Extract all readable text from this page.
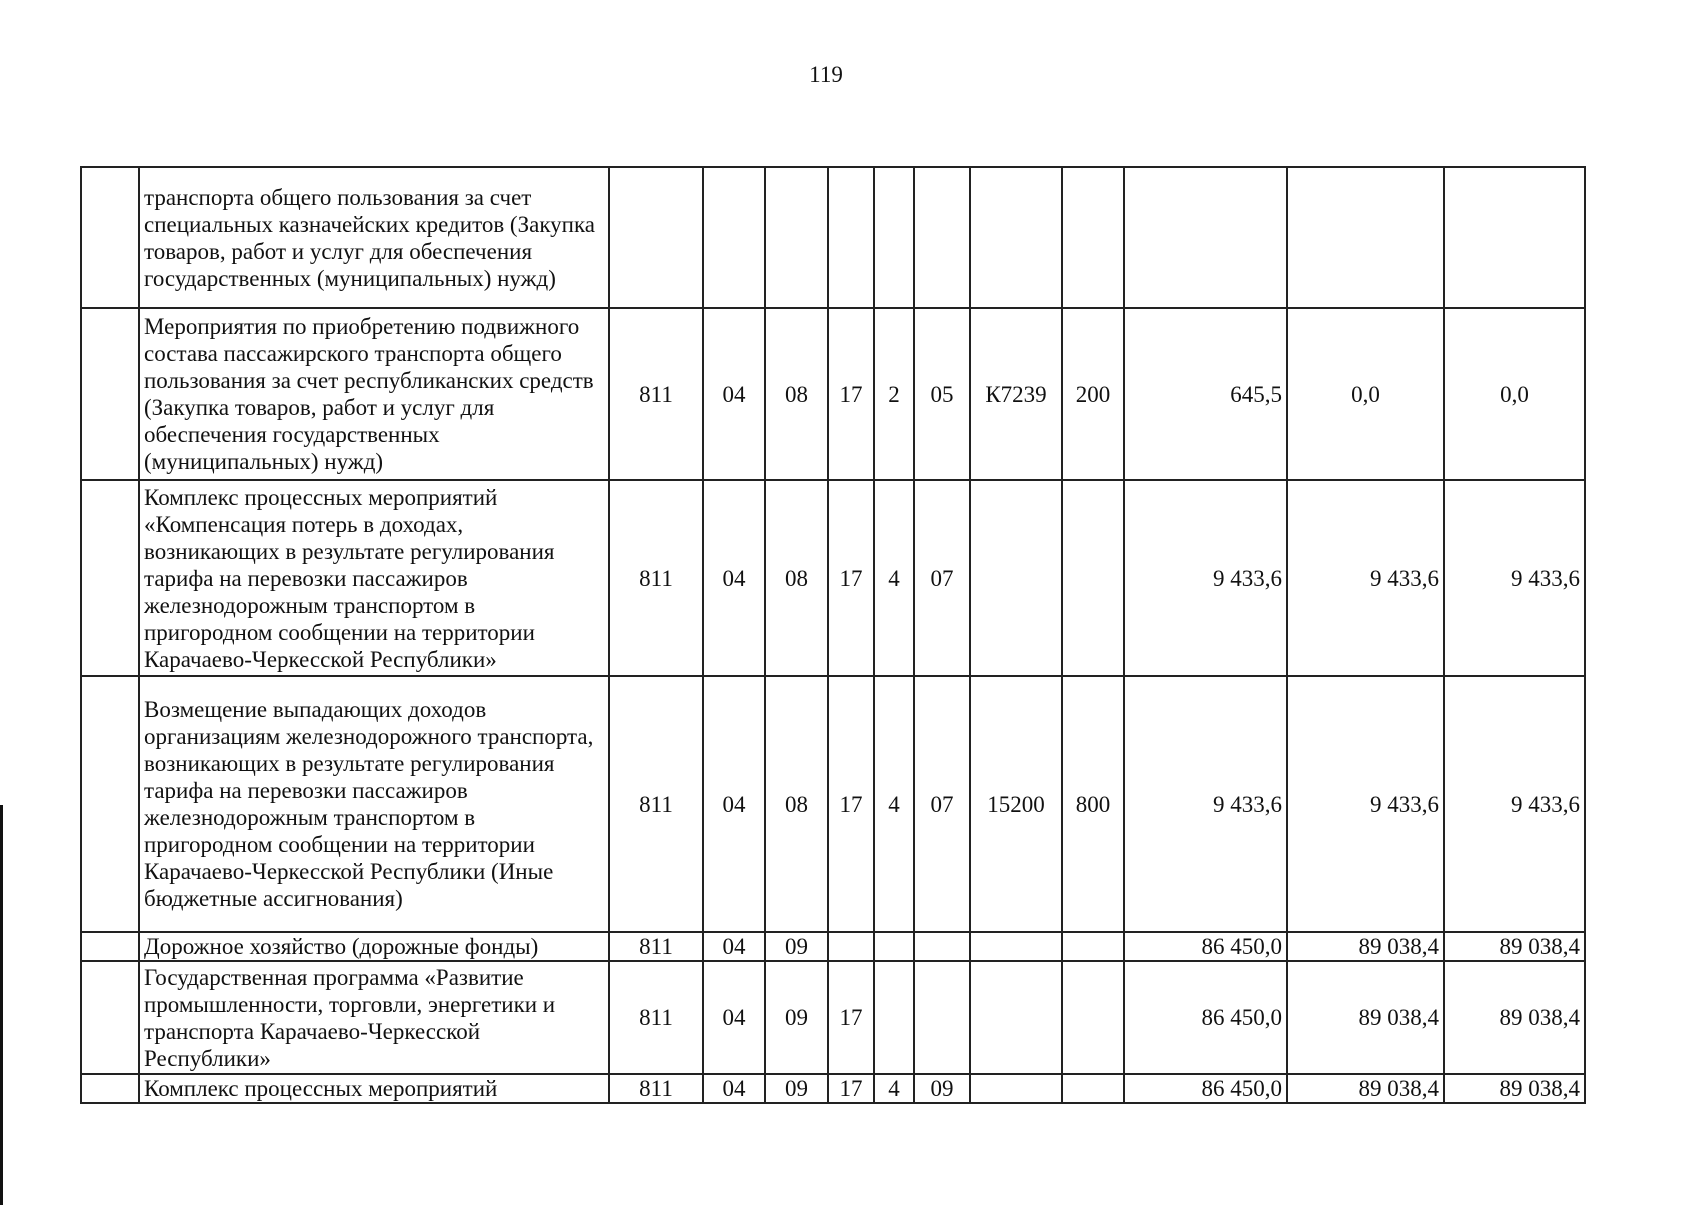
119
	транспорта общего пользования за счет специальных казначейских кредитов (Закупка товаров, работ и услуг для обеспечения государственных (муниципальных) нужд)											
	Мероприятия по приобретению подвижного состава пассажирского транспорта общего пользования за счет республиканских средств (Закупка товаров, работ и услуг для обеспечения государственных (муниципальных) нужд)	811	04	08	17	2	05	К7239	200	645,5	0,0	0,0
	Комплекс процессных мероприятий «Компенсация потерь в доходах, возникающих в результате регулирования тарифа на перевозки пассажиров железнодорожным транспортом в пригородном сообщении на территории Карачаево-Черкесской Республики»	811	04	08	17	4	07			9 433,6	9 433,6	9 433,6
	Возмещение выпадающих доходов организациям железнодорожного транспорта, возникающих в результате регулирования тарифа на перевозки пассажиров железнодорожным транспортом в пригородном сообщении на территории Карачаево-Черкесской Республики (Иные бюджетные ассигнования)	811	04	08	17	4	07	15200	800	9 433,6	9 433,6	9 433,6
	Дорожное хозяйство (дорожные фонды)	811	04	09						86 450,0	89 038,4	89 038,4
	Государственная программа «Развитие промышленности, торговли, энергетики и транспорта Карачаево-Черкесской Республики»	811	04	09	17					86 450,0	89 038,4	89 038,4
	Комплекс процессных мероприятий	811	04	09	17	4	09			86 450,0	89 038,4	89 038,4
